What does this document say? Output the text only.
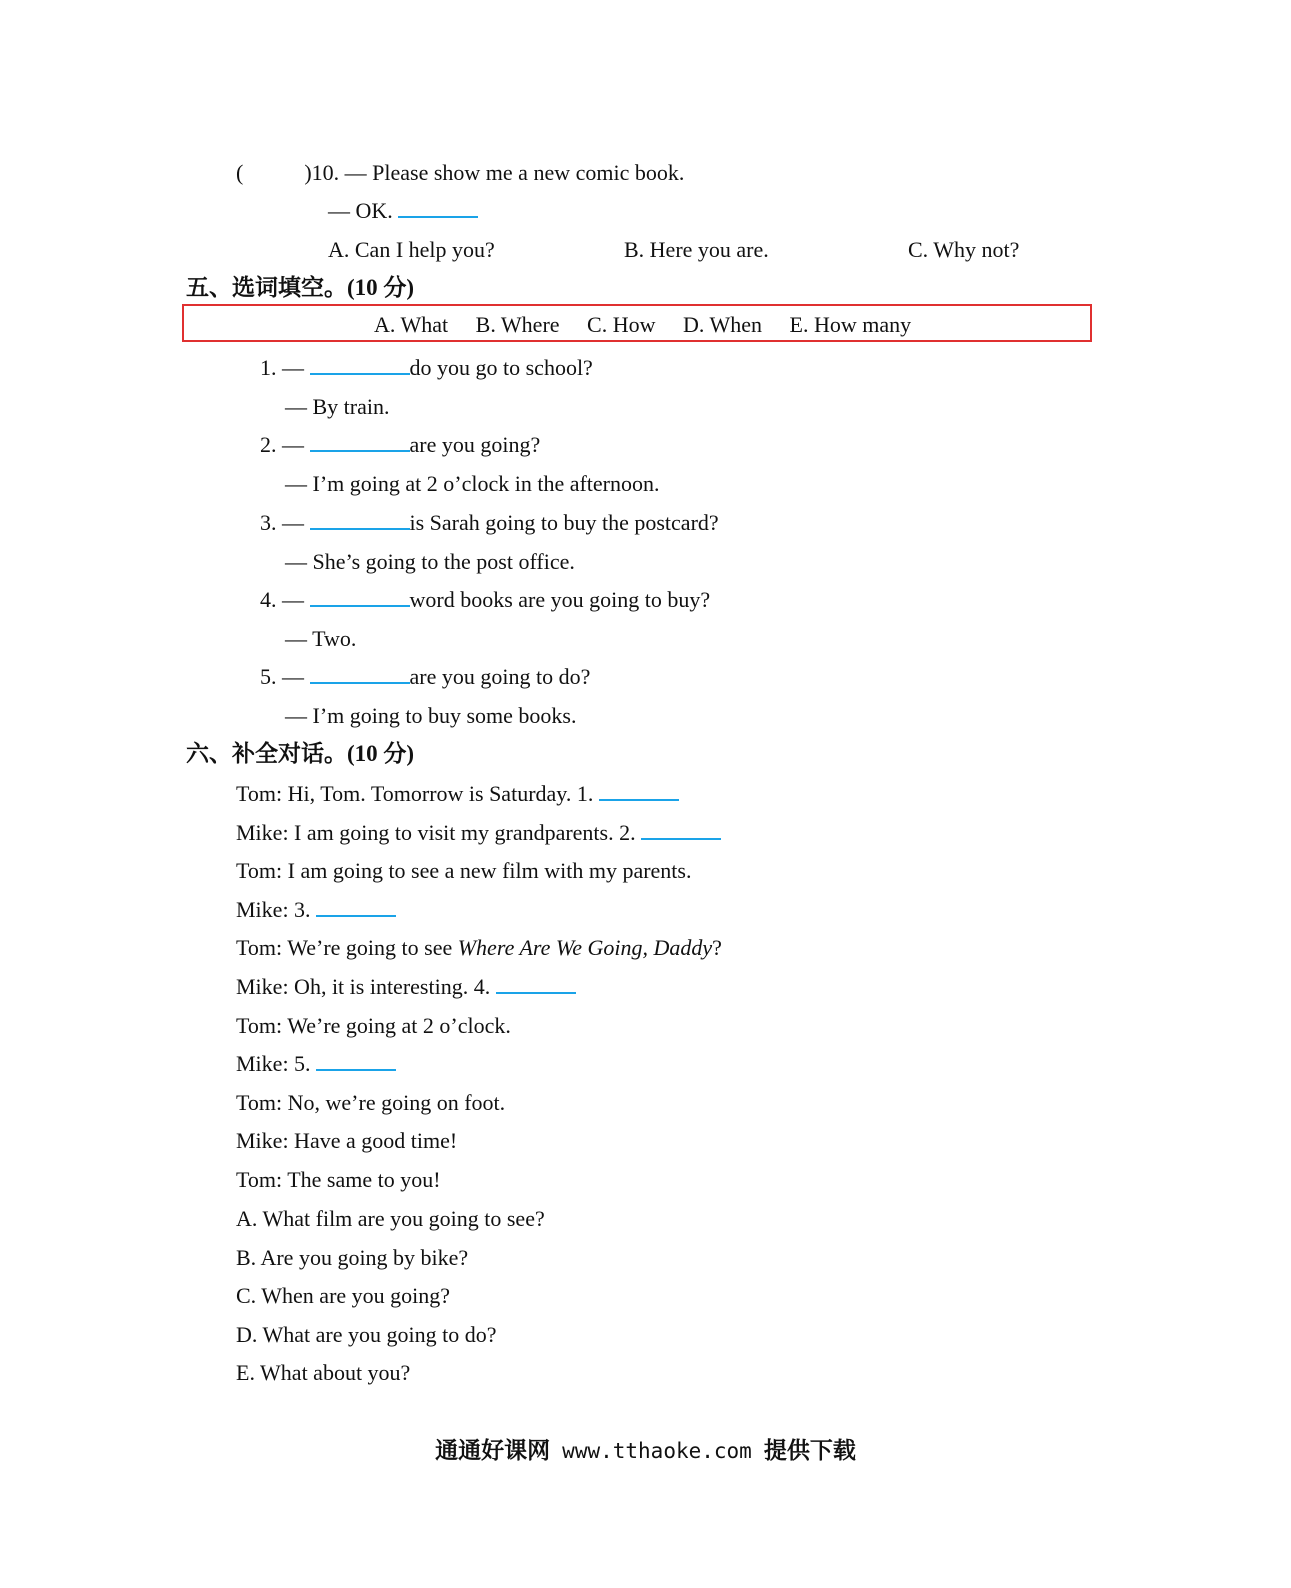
(	)10. — Please show me a new comic book.
— OK.
A. Can I help you?	B. Here you are.	C. Why not?
五、选词填空。(10 分)
A. What B. Where C. How D. When E. How many
1. —	do you go to school?
— By train.
2. —	are you going?
— I’m going at 2 o’clock in the afternoon.
3. —	is Sarah going to buy the postcard?
— She’s going to the post office.
4. —	word books are you going to buy?
— Two.
5. —	are you going to do?
— I’m going to buy some books.
六、补全对话。(10 分)
Tom: Hi, Tom. Tomorrow is Saturday. 1.
Mike: I am going to visit my grandparents. 2.
Tom: I am going to see a new film with my parents.
Mike: 3.
Tom: We’re going to see Where Are We Going, Daddy?
Mike: Oh, it is interesting. 4.
Tom: We’re going at 2 o’clock.
Mike: 5.
Tom: No, we’re going on foot.
Mike: Have a good time!
Tom: The same to you!
A. What film are you going to see?
B. Are you going by bike?
C. When are you going?
D. What are you going to do?
E. What about you?
通通好课网 www.tthaoke.com 提供下载
